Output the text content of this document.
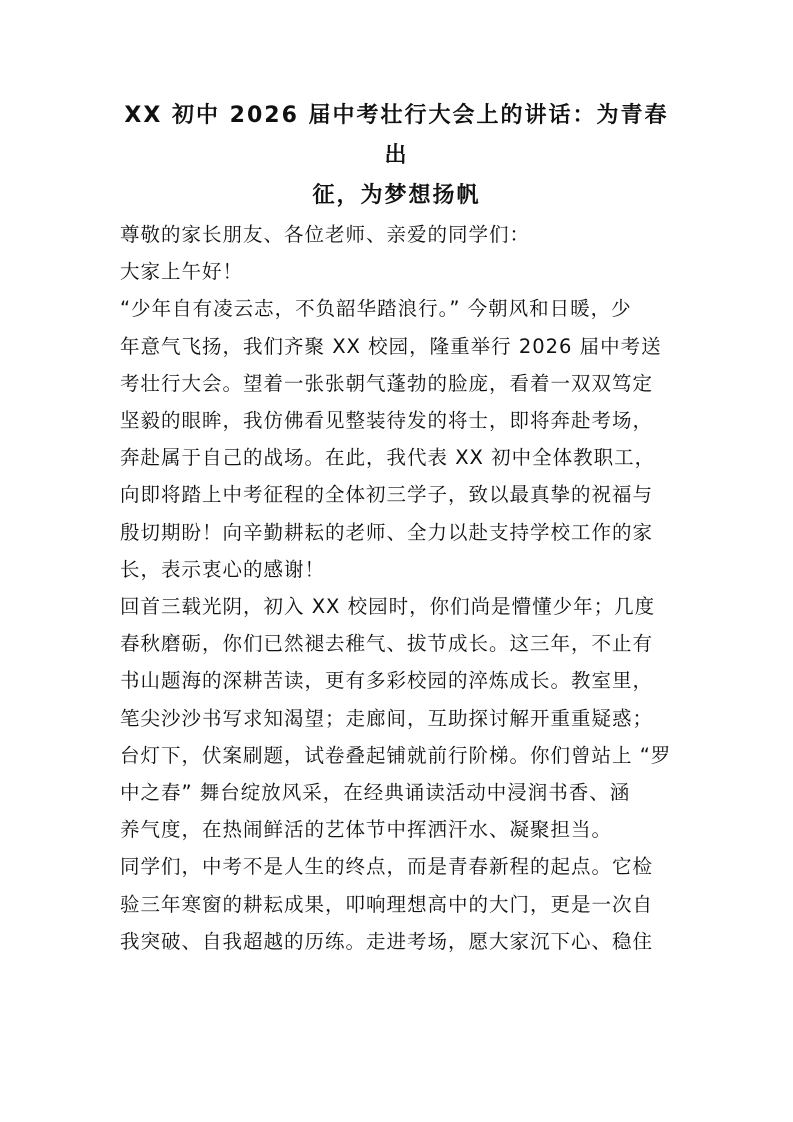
XX 初中 2026 届中考壮行大会上的讲话：为青春出
征，为梦想扬帆

尊敬的家长朋友、各位老师、亲爱的同学们：

大家上午好！

“少年自有凌云志，不负韶华踏浪行。” 今朝风和日暖，少

年意气飞扬，我们齐聚 XX 校园，隆重举行 2026 届中考送

考壮行大会。望着一张张朝气蓬勃的脸庞，看着一双双笃定

坚毅的眼眸，我仿佛看见整装待发的将士，即将奔赴考场，

奔赴属于自己的战场。在此，我代表 XX 初中全体教职工，

向即将踏上中考征程的全体初三学子，致以最真挚的祝福与

殷切期盼！向辛勤耕耘的老师、全力以赴支持学校工作的家

长，表示衷心的感谢！

回首三载光阴，初入 XX 校园时，你们尚是懵懂少年；几度

春秋磨砺，你们已然褪去稚气、拔节成长。这三年，不止有

书山题海的深耕苦读，更有多彩校园的淬炼成长。教室里，

笔尖沙沙书写求知渴望；走廊间，互助探讨解开重重疑惑；

台灯下，伏案刷题，试卷叠起铺就前行阶梯。你们曾站上 “罗

中之春” 舞台绽放风采，在经典诵读活动中浸润书香、涵

养气度，在热闹鲜活的艺体节中挥洒汗水、凝聚担当。

同学们，中考不是人生的终点，而是青春新程的起点。它检

验三年寒窗的耕耘成果，叩响理想高中的大门，更是一次自

我突破、自我超越的历练。走进考场，愿大家沉下心、稳住
